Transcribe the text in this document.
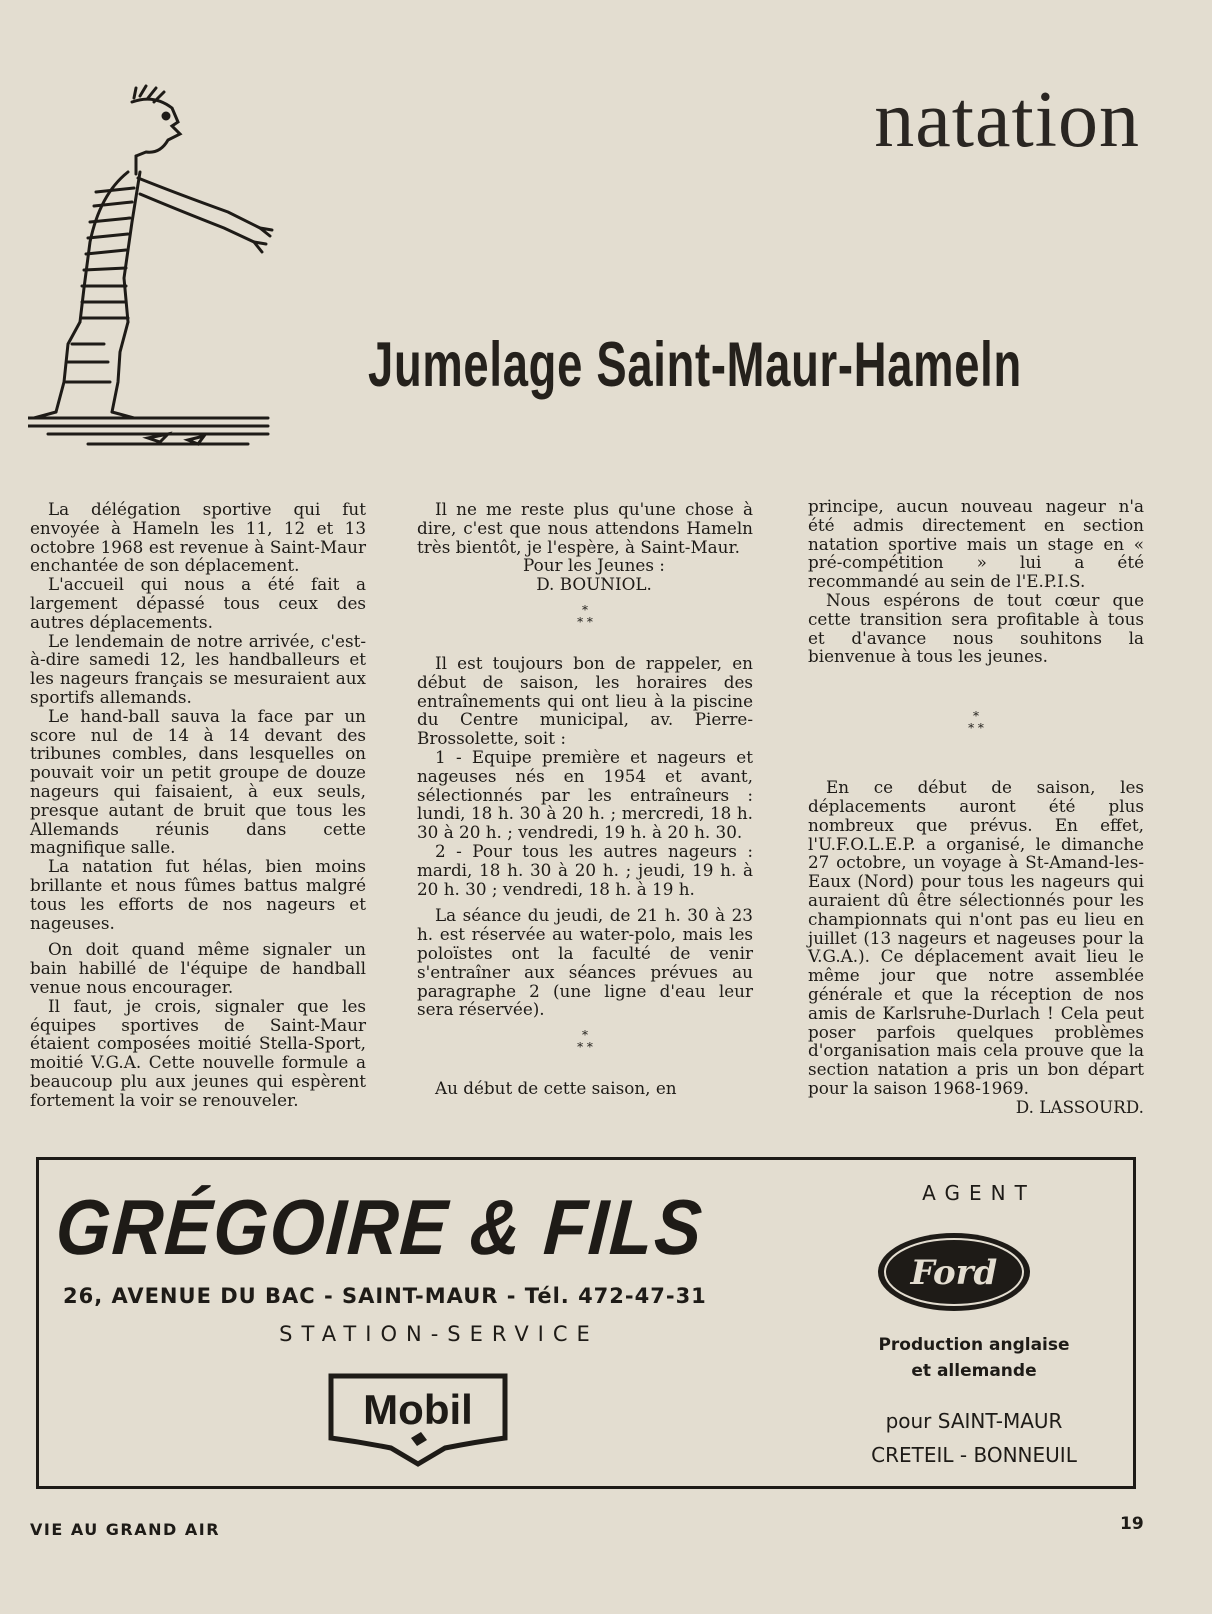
natation
Jumelage Saint-Maur-Hameln

La délégation sportive qui fut envoyée à Hameln les 11, 12 et 13 octobre 1968 est revenue à Saint-Maur enchantée de son déplacement.

L'accueil qui nous a été fait a largement dépassé tous ceux des autres déplacements.

Le lendemain de notre arrivée, c'est-à-dire samedi 12, les handballeurs et les nageurs français se mesuraient aux sportifs allemands.

Le hand-ball sauva la face par un score nul de 14 à 14 devant des tribunes combles, dans lesquelles on pouvait voir un petit groupe de douze nageurs qui faisaient, à eux seuls, presque autant de bruit que tous les Allemands réunis dans cette magnifique salle.

La natation fut hélas, bien moins brillante et nous fûmes battus malgré tous les efforts de nos nageurs et nageuses.

On doit quand même signaler un bain habillé de l'équipe de handball venue nous encourager.

Il faut, je crois, signaler que les équipes sportives de Saint-Maur étaient composées moitié Stella-Sport, moitié V.G.A. Cette nouvelle formule a beaucoup plu aux jeunes qui espèrent fortement la voir se renouveler.

Il ne me reste plus qu'une chose à dire, c'est que nous attendons Hameln très bientôt, je l'espère, à Saint-Maur.

Pour les Jeunes :

D. BOUNIOL.

*
* *

Il est toujours bon de rappeler, en début de saison, les horaires des entraînements qui ont lieu à la piscine du Centre municipal, av. Pierre-Brossolette, soit :

1 - Equipe première et nageurs et nageuses nés en 1954 et avant, sélectionnés par les entraîneurs : lundi, 18 h. 30 à 20 h. ; mercredi, 18 h. 30 à 20 h. ; vendredi, 19 h. à 20 h. 30.

2 - Pour tous les autres nageurs : mardi, 18 h. 30 à 20 h. ; jeudi, 19 h. à 20 h. 30 ; vendredi, 18 h. à 19 h.

La séance du jeudi, de 21 h. 30 à 23 h. est réservée au water-polo, mais les poloïstes ont la faculté de venir s'entraîner aux séances prévues au paragraphe 2 (une ligne d'eau leur sera réservée).

*
* *

Au début de cette saison, en

principe, aucun nouveau nageur n'a été admis directement en section natation sportive mais un stage en « pré-compétition » lui a été recommandé au sein de l'E.P.I.S.

Nous espérons de tout cœur que cette transition sera profitable à tous et d'avance nous souhitons la bienvenue à tous les jeunes.

*
* *

En ce début de saison, les déplacements auront été plus nombreux que prévus. En effet, l'U.F.O.L.E.P. a organisé, le dimanche 27 octobre, un voyage à St-Amand-les-Eaux (Nord) pour tous les nageurs qui auraient dû être sélectionnés pour les championnats qui n'ont pas eu lieu en juillet (13 nageurs et nageuses pour la V.G.A.). Ce déplacement avait lieu le même jour que notre assemblée générale et que la réception de nos amis de Karlsruhe-Durlach ! Cela peut poser parfois quelques problèmes d'organisation mais cela prouve que la section natation a pris un bon départ pour la saison 1968-1969.

D. LASSOURD.

GRÉGOIRE & FILS
26, AVENUE DU BAC - SAINT-MAUR - Tél. 472-47-31
STATION-SERVICE
Mobil
AGENT
Ford
Production anglaise
et allemande
pour SAINT-MAUR
CRETEIL - BONNEUIL
VIE AU GRAND AIR	19
